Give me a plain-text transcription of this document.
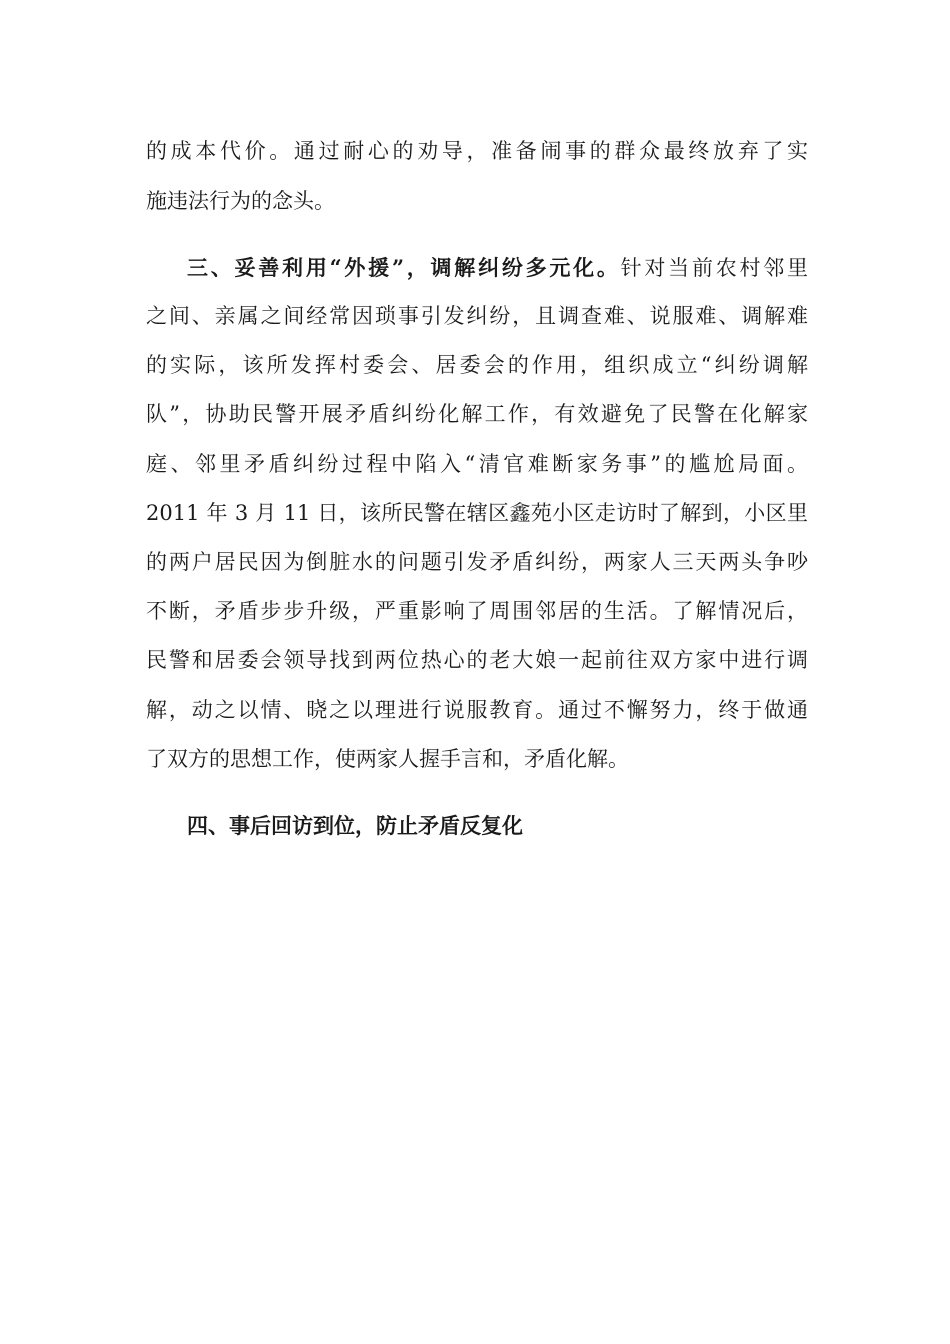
的成本代价。通过耐心的劝导，准备闹事的群众最终放弃了实
施违法行为的念头。
三、妥善利用“外援”，调解纠纷多元化。针对当前农村邻里
之间、亲属之间经常因琐事引发纠纷，且调查难、说服难、调解难
的实际，该所发挥村委会、居委会的作用，组织成立“纠纷调解
队”，协助民警开展矛盾纠纷化解工作，有效避免了民警在化解家
庭、邻里矛盾纠纷过程中陷入“清官难断家务事”的尴尬局面。
2011 年 3 月 11 日，该所民警在辖区鑫苑小区走访时了解到，小区里
的两户居民因为倒脏水的问题引发矛盾纠纷，两家人三天两头争吵
不断，矛盾步步升级，严重影响了周围邻居的生活。了解情况后，
民警和居委会领导找到两位热心的老大娘一起前往双方家中进行调
解，动之以情、晓之以理进行说服教育。通过不懈努力，终于做通
了双方的思想工作，使两家人握手言和，矛盾化解。
四、事后回访到位，防止矛盾反复化
